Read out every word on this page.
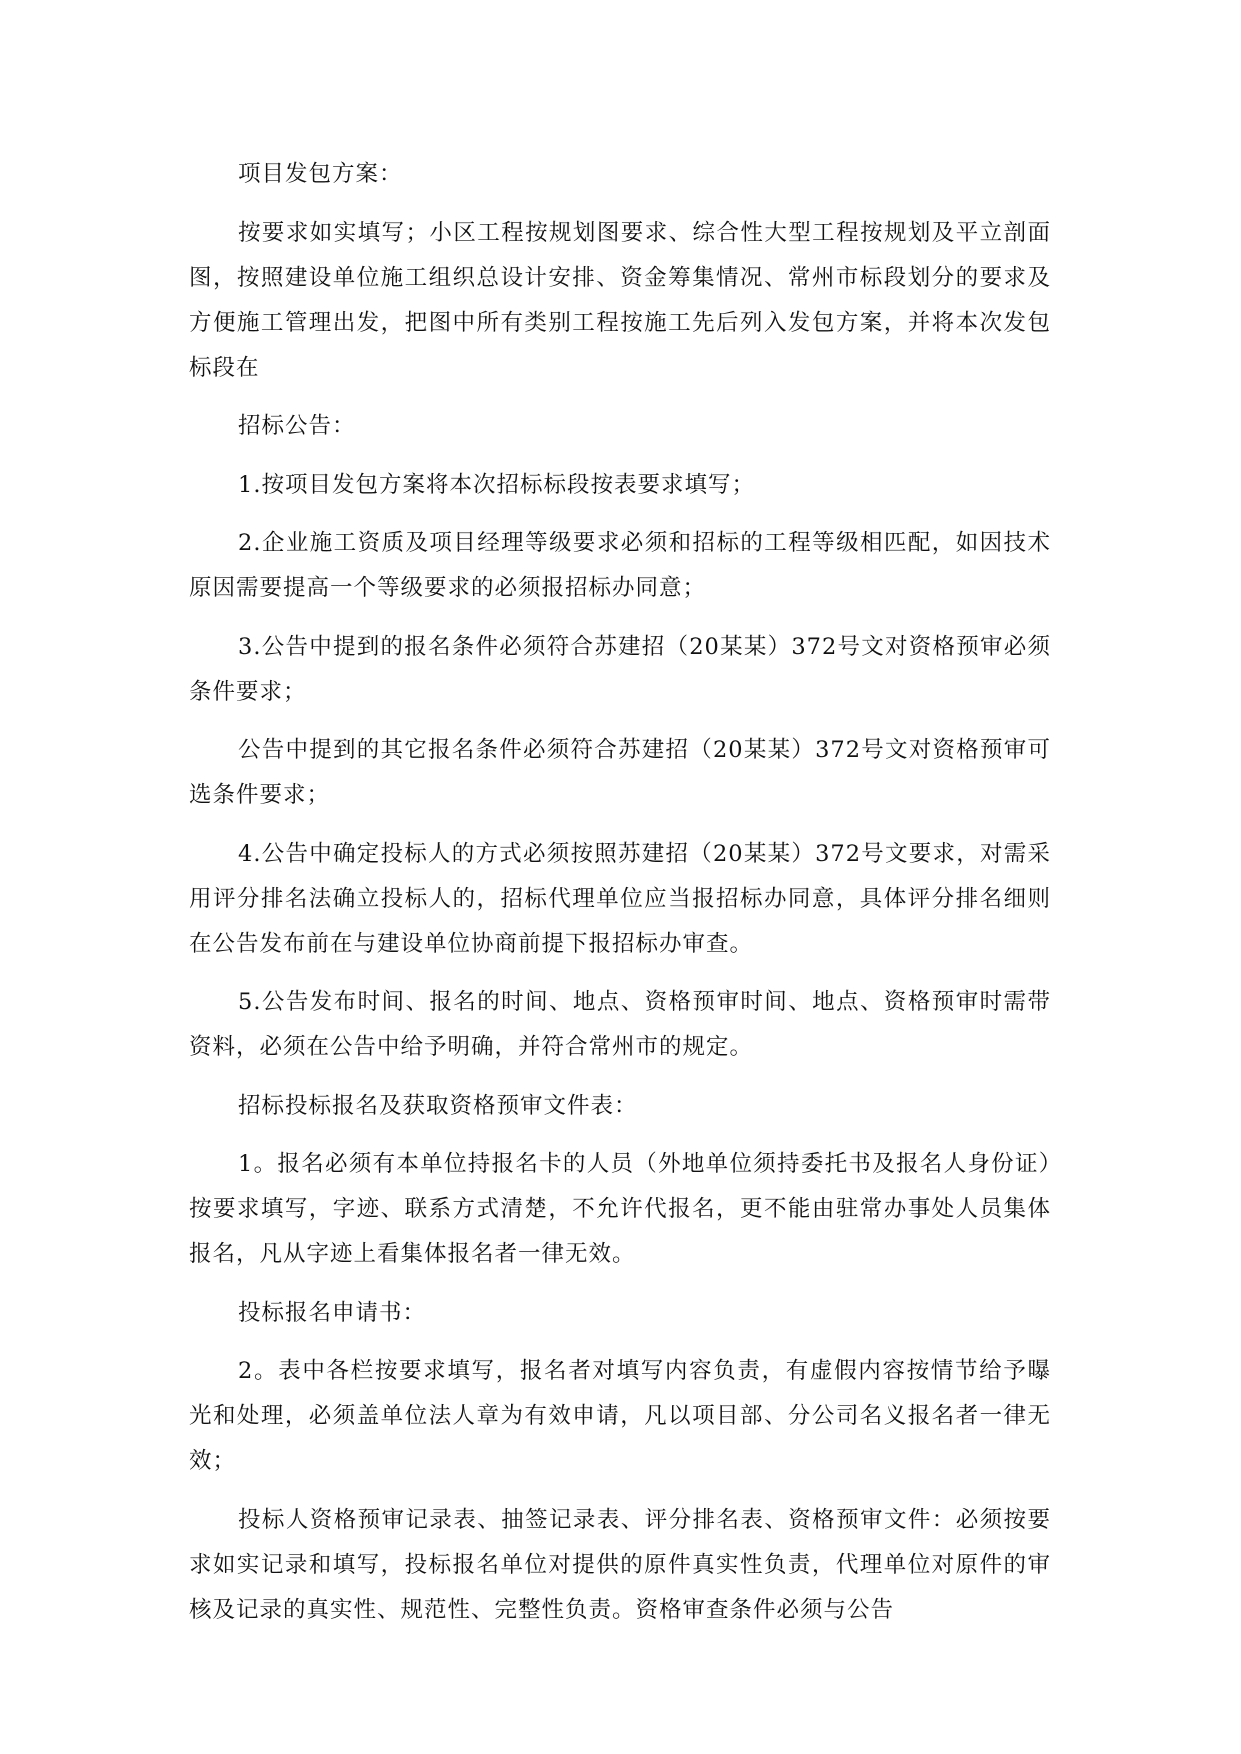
项目发包方案：

按要求如实填写；小区工程按规划图要求、综合性大型工程按规划及平立剖面图，按照建设单位施工组织总设计安排、资金筹集情况、常州市标段划分的要求及方便施工管理出发，把图中所有类别工程按施工先后列入发包方案，并将本次发包标段在

招标公告：

1.按项目发包方案将本次招标标段按表要求填写；

2.企业施工资质及项目经理等级要求必须和招标的工程等级相匹配，如因技术原因需要提高一个等级要求的必须报招标办同意；

3.公告中提到的报名条件必须符合苏建招（20某某）372号文对资格预审必须条件要求；

公告中提到的其它报名条件必须符合苏建招（20某某）372号文对资格预审可选条件要求；

4.公告中确定投标人的方式必须按照苏建招（20某某）372号文要求，对需采用评分排名法确立投标人的，招标代理单位应当报招标办同意，具体评分排名细则在公告发布前在与建设单位协商前提下报招标办审查。

5.公告发布时间、报名的时间、地点、资格预审时间、地点、资格预审时需带资料，必须在公告中给予明确，并符合常州市的规定。

招标投标报名及获取资格预审文件表：

1。报名必须有本单位持报名卡的人员（外地单位须持委托书及报名人身份证）按要求填写，字迹、联系方式清楚，不允许代报名，更不能由驻常办事处人员集体报名，凡从字迹上看集体报名者一律无效。

投标报名申请书：

2。表中各栏按要求填写，报名者对填写内容负责，有虚假内容按情节给予曝光和处理，必须盖单位法人章为有效申请，凡以项目部、分公司名义报名者一律无效；

投标人资格预审记录表、抽签记录表、评分排名表、资格预审文件：必须按要求如实记录和填写，投标报名单位对提供的原件真实性负责，代理单位对原件的审核及记录的真实性、规范性、完整性负责。资格审查条件必须与公告
